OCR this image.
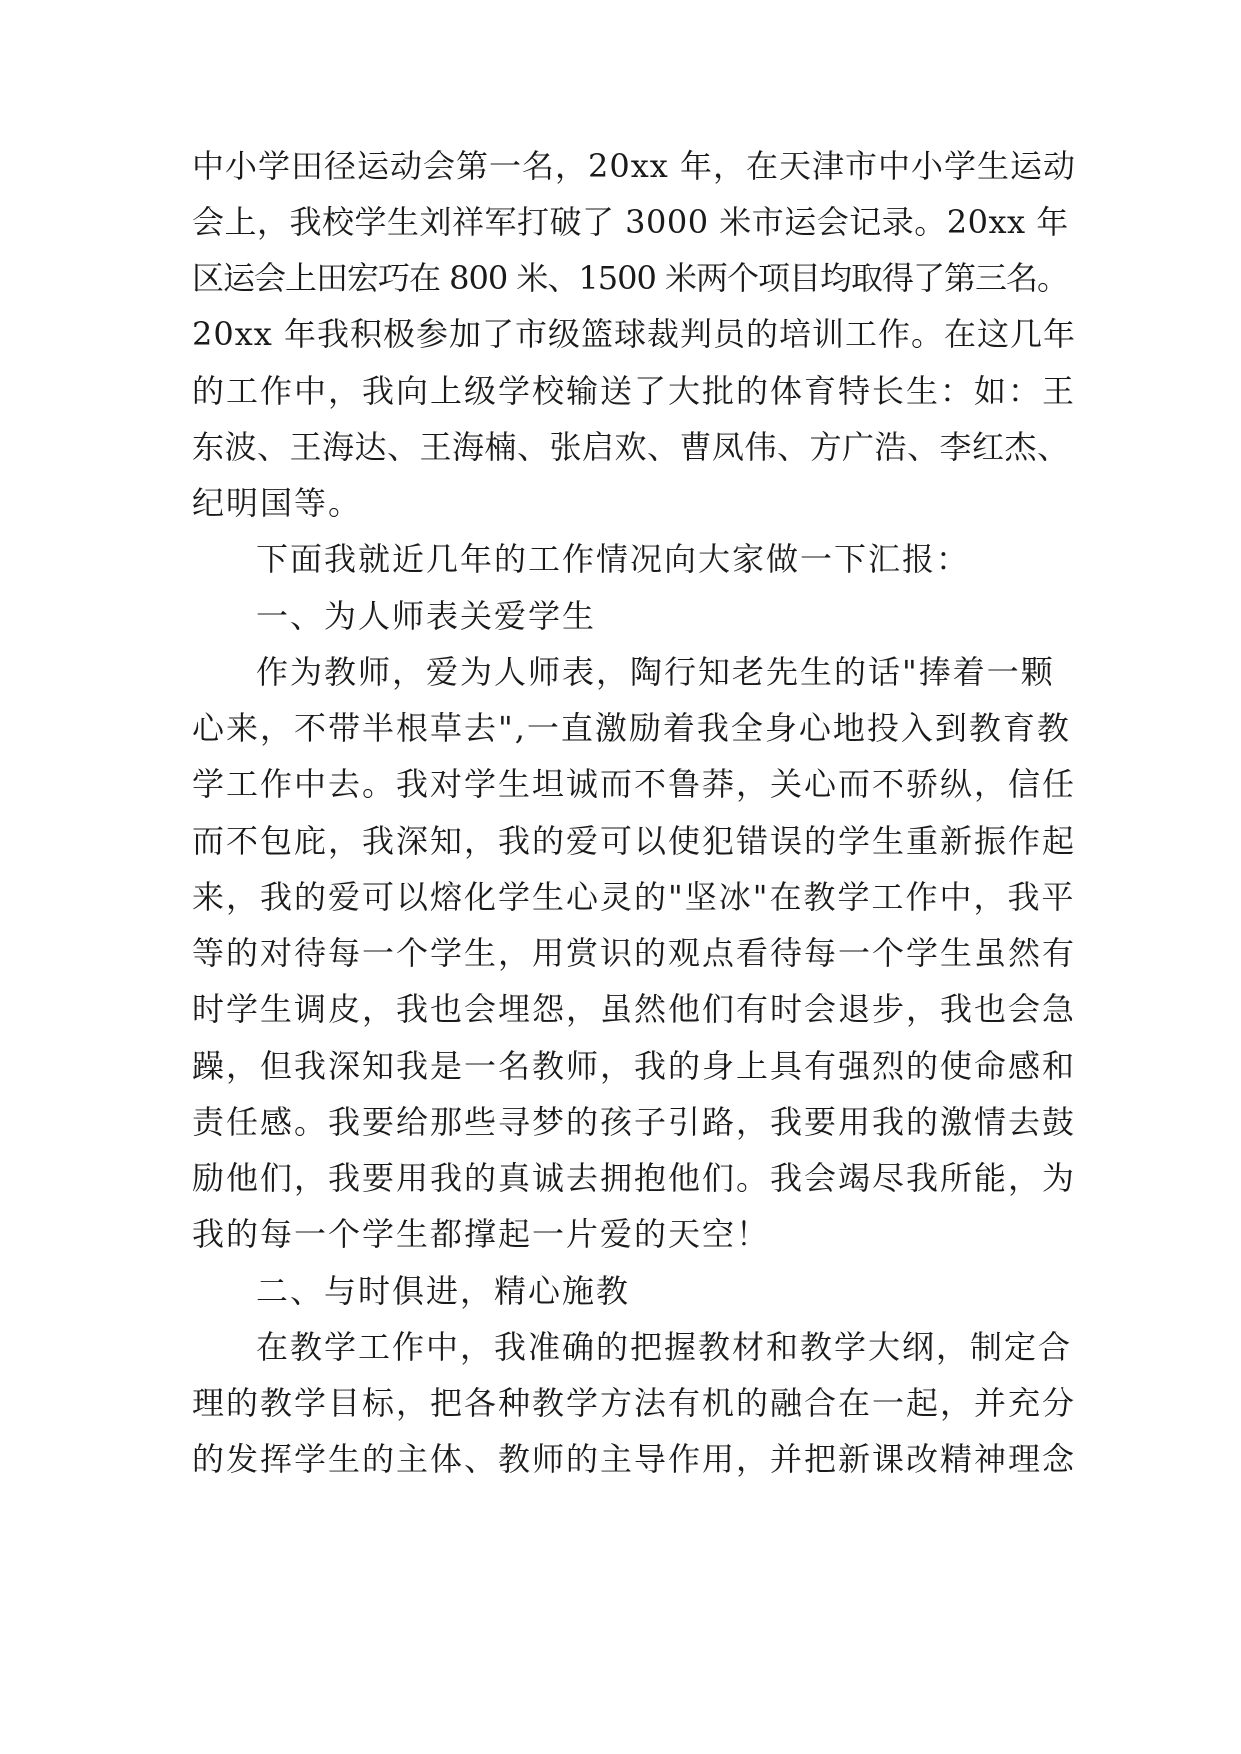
中小学田径运动会第一名，20xx 年，在天津市中小学生运动
会上，我校学生刘祥军打破了 3000 米市运会记录。20xx 年
区运会上田宏巧在 800 米、1500 米两个项目均取得了第三名。
20xx 年我积极参加了市级篮球裁判员的培训工作。在这几年
的工作中，我向上级学校输送了大批的体育特长生：如：王
东波、王海达、王海楠、张启欢、曹凤伟、方广浩、李红杰、
纪明国等。
下面我就近几年的工作情况向大家做一下汇报：
一、为人师表关爱学生
作为教师，爱为人师表，陶行知老先生的话"捧着一颗
心来，不带半根草去",一直激励着我全身心地投入到教育教
学工作中去。我对学生坦诚而不鲁莽，关心而不骄纵，信任
而不包庇，我深知，我的爱可以使犯错误的学生重新振作起
来，我的爱可以熔化学生心灵的"坚冰"在教学工作中，我平
等的对待每一个学生，用赏识的观点看待每一个学生虽然有
时学生调皮，我也会埋怨，虽然他们有时会退步，我也会急
躁，但我深知我是一名教师，我的身上具有强烈的使命感和
责任感。我要给那些寻梦的孩子引路，我要用我的激情去鼓
励他们，我要用我的真诚去拥抱他们。我会竭尽我所能，为
我的每一个学生都撑起一片爱的天空！
二、与时俱进，精心施教
在教学工作中，我准确的把握教材和教学大纲，制定合
理的教学目标，把各种教学方法有机的融合在一起，并充分
的发挥学生的主体、教师的主导作用，并把新课改精神理念
